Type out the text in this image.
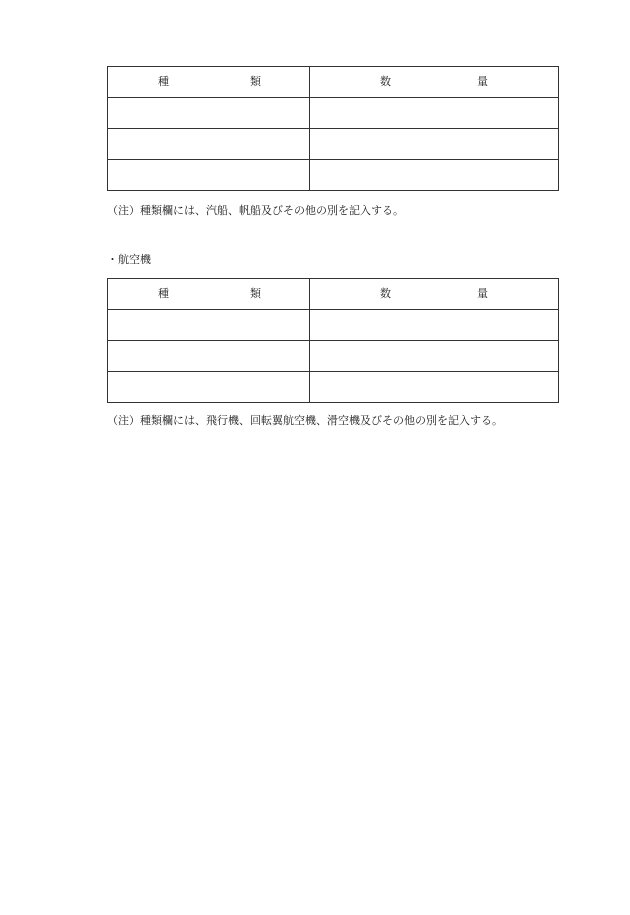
種 類	数 量

（注）種類欄には、汽船、帆船及びその他の別を記入する。
・航空機
種 類	数 量

（注）種類欄には、飛行機、回転翼航空機、滑空機及びその他の別を記入する。
